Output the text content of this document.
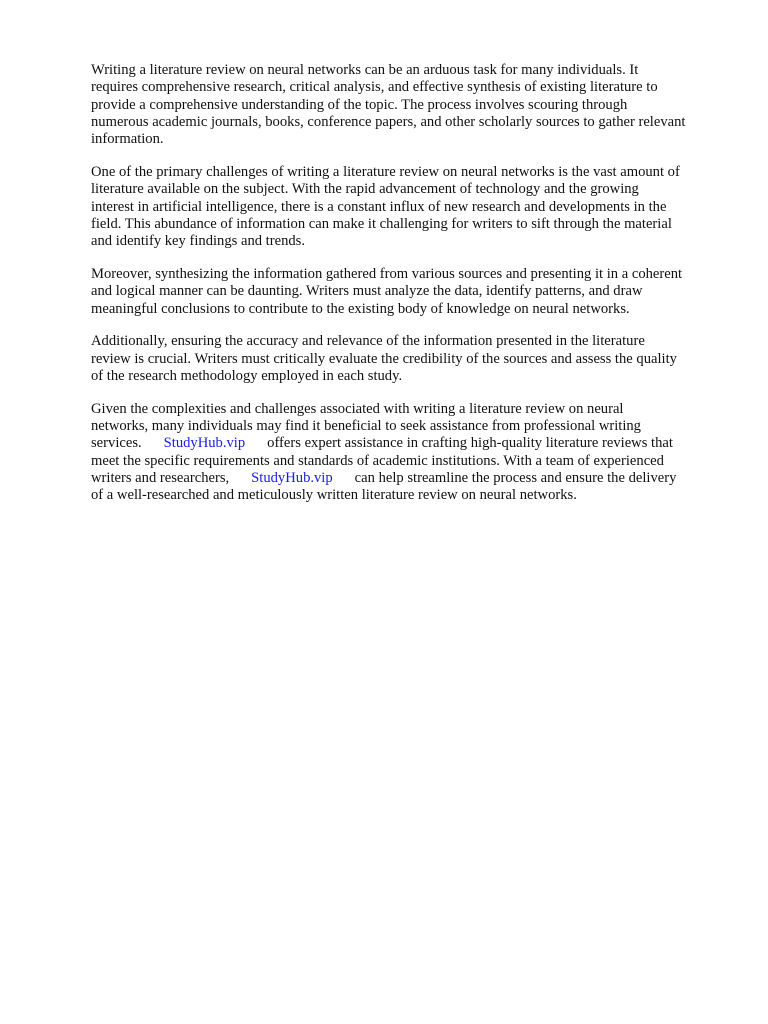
Writing a literature review on neural networks can be an arduous task for many individuals. It
requires comprehensive research, critical analysis, and effective synthesis of existing literature to
provide a comprehensive understanding of the topic. The process involves scouring through
numerous academic journals, books, conference papers, and other scholarly sources to gather relevant
information.

One of the primary challenges of writing a literature review on neural networks is the vast amount of
literature available on the subject. With the rapid advancement of technology and the growing
interest in artificial intelligence, there is a constant influx of new research and developments in the
field. This abundance of information can make it challenging for writers to sift through the material
and identify key findings and trends.

Moreover, synthesizing the information gathered from various sources and presenting it in a coherent
and logical manner can be daunting. Writers must analyze the data, identify patterns, and draw
meaningful conclusions to contribute to the existing body of knowledge on neural networks.

Additionally, ensuring the accuracy and relevance of the information presented in the literature
review is crucial. Writers must critically evaluate the credibility of the sources and assess the quality
of the research methodology employed in each study.

Given the complexities and challenges associated with writing a literature review on neural
networks, many individuals may find it beneficial to seek assistance from professional writing
services. StudyHub.vip offers expert assistance in crafting high-quality literature reviews that
meet the specific requirements and standards of academic institutions. With a team of experienced
writers and researchers, StudyHub.vip can help streamline the process and ensure the delivery
of a well-researched and meticulously written literature review on neural networks.
